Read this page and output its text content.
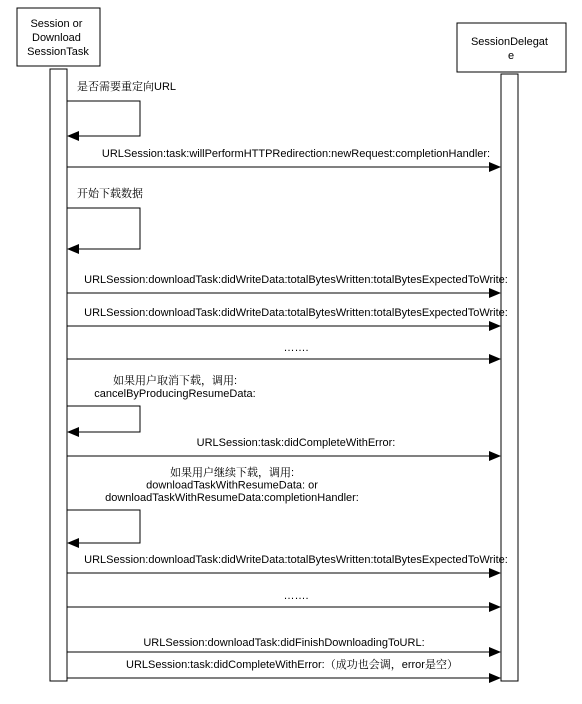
Session or Download SessionTask
SessionDelegat e
是否需要重定向URL
URLSession:task:willPerformHTTPRedirection:newRequest:completionHandler:
开始下载数据
URLSession:downloadTask:didWriteData:totalBytesWritten:totalBytesExpectedToWrite:
URLSession:downloadTask:didWriteData:totalBytesWritten:totalBytesExpectedToWrite:
…….
如果用户取消下载，调用: cancelByProducingResumeData:
URLSession:task:didCompleteWithError:
如果用户继续下载，调用: downloadTaskWithResumeData: or downloadTaskWithResumeData:completionHandler:
URLSession:downloadTask:didWriteData:totalBytesWritten:totalBytesExpectedToWrite:
…….
URLSession:downloadTask:didFinishDownloadingToURL:
URLSession:task:didCompleteWithError:（成功也会调，error是空）
